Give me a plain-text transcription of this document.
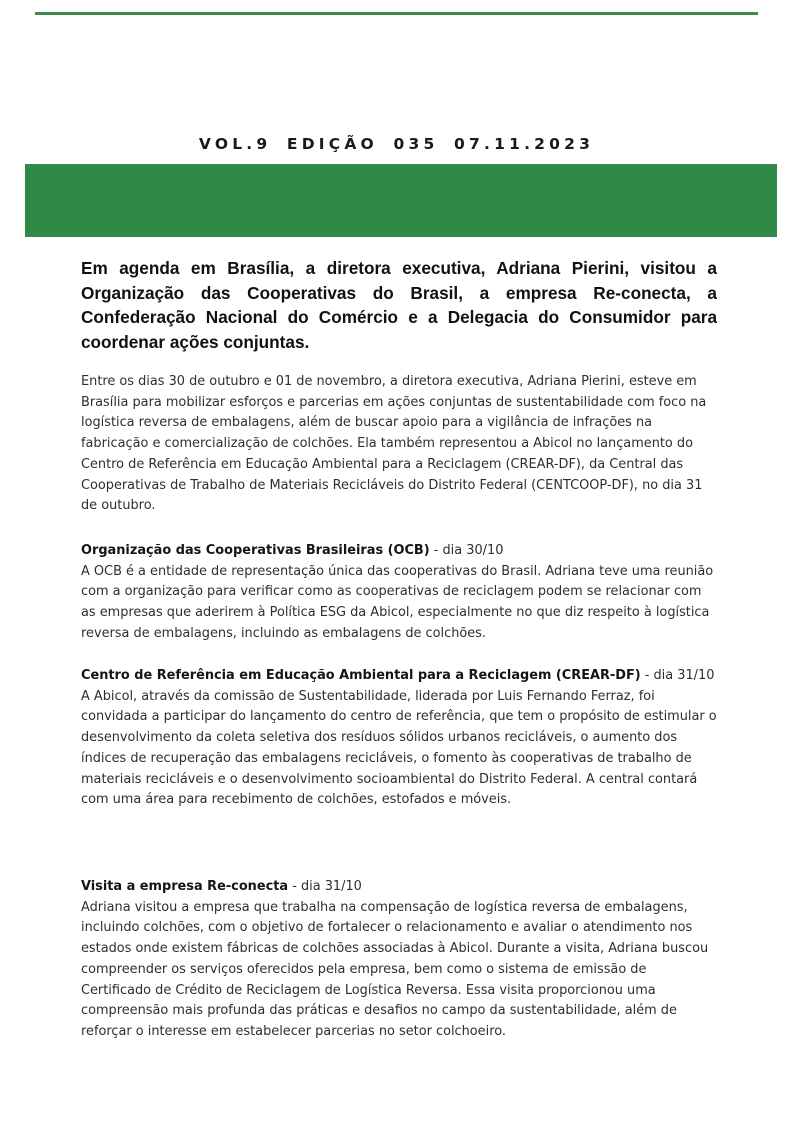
VOL.9 EDIÇÃO 035 07.11.2023

Em agenda em Brasília, a diretora executiva, Adriana Pierini, visitou a Organização das Cooperativas do Brasil, a empresa Re-conecta, a Confederação Nacional do Comércio e a Delegacia do Consumidor para coordenar ações conjuntas.

Entre os dias 30 de outubro e 01 de novembro, a diretora executiva, Adriana Pierini, esteve em Brasília para mobilizar esforços e parcerias em ações conjuntas de sustentabilidade com foco na logística reversa de embalagens, além de buscar apoio para a vigilância de infrações na fabricação e comercialização de colchões. Ela também representou a Abicol no lançamento do Centro de Referência em Educação Ambiental para a Reciclagem (CREAR-DF), da Central das Cooperativas de Trabalho de Materiais Recicláveis do Distrito Federal (CENTCOOP-DF), no dia 31 de outubro.

Organização das Cooperativas Brasileiras (OCB) - dia 30/10
A OCB é a entidade de representação única das cooperativas do Brasil. Adriana teve uma reunião com a organização para verificar como as cooperativas de reciclagem podem se relacionar com as empresas que aderirem à Política ESG da Abicol, especialmente no que diz respeito à logística reversa de embalagens, incluindo as embalagens de colchões.
Centro de Referência em Educação Ambiental para a Reciclagem (CREAR-DF) - dia 31/10
A Abicol, através da comissão de Sustentabilidade, liderada por Luis Fernando Ferraz, foi convidada a participar do lançamento do centro de referência, que tem o propósito de estimular o desenvolvimento da coleta seletiva dos resíduos sólidos urbanos recicláveis, o aumento dos índices de recuperação das embalagens recicláveis, o fomento às cooperativas de trabalho de materiais recicláveis e o desenvolvimento socioambiental do Distrito Federal. A central contará com uma área para recebimento de colchões, estofados e móveis.
Visita a empresa Re-conecta - dia 31/10
Adriana visitou a empresa que trabalha na compensação de logística reversa de embalagens, incluindo colchões, com o objetivo de fortalecer o relacionamento e avaliar o atendimento nos estados onde existem fábricas de colchões associadas à Abicol. Durante a visita, Adriana buscou compreender os serviços oferecidos pela empresa, bem como o sistema de emissão de Certificado de Crédito de Reciclagem de Logística Reversa. Essa visita proporcionou uma compreensão mais profunda das práticas e desafios no campo da sustentabilidade, além de reforçar o interesse em estabelecer parcerias no setor colchoeiro.
